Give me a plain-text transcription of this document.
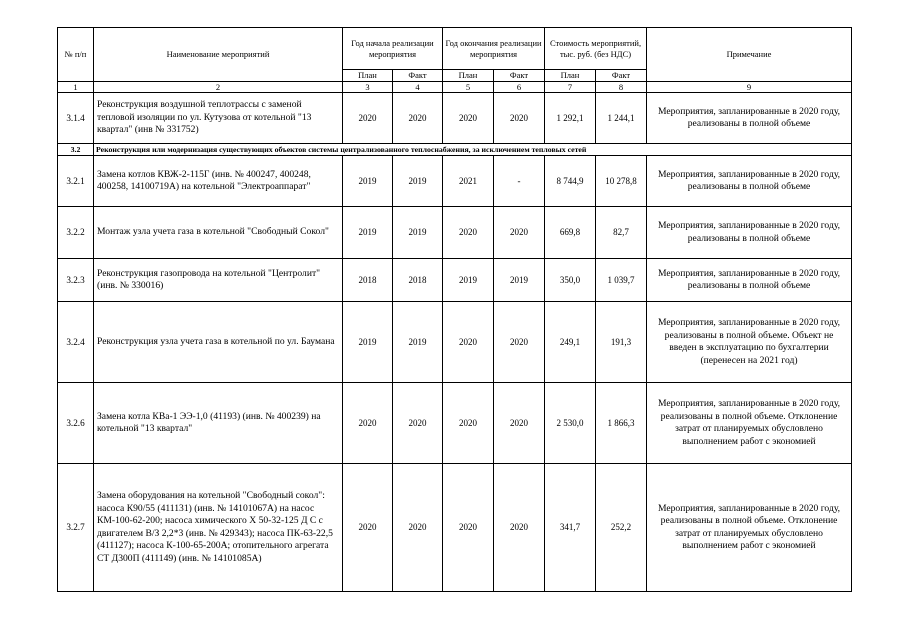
№ п/п	Наименование мероприятий	Год начала реализации мероприятия		Год окончания реализации мероприятия		Стоимость мероприятий, тыс. руб. (без НДС)		Примечание
		План	Факт	План	Факт	План	Факт	
1	2	3	4	5	6	7	8	9
3.1.4	Реконструкция воздушной теплотрассы с заменой тепловой изоляции по ул. Кутузова от котельной "13 квартал" (инв № 331752)	2020	2020	2020	2020	1 292,1	1 244,1	Мероприятия, запланированные в 2020 году, реализованы в полной объеме
3.2	Реконструкция или модернизация существующих объектов системы централизованного теплоснабжения, за исключением тепловых сетей							
3.2.1	Замена котлов КВЖ-2-115Г (инв. № 400247, 400248, 400258, 14100719А) на котельной "Электроаппарат"	2019	2019	2021	-	8 744,9	10 278,8	Мероприятия, запланированные в 2020 году, реализованы в полной объеме
3.2.2	Монтаж узла учета газа в котельной "Свободный Сокол"	2019	2019	2020	2020	669,8	82,7	Мероприятия, запланированные в 2020 году, реализованы в полной объеме
3.2.3	Реконструкция газопровода на котельной "Центролит" (инв. № 330016)	2018	2018	2019	2019	350,0	1 039,7	Мероприятия, запланированные в 2020 году, реализованы в полной объеме
3.2.4	Реконструкция узла учета газа в котельной по ул. Баумана	2019	2019	2020	2020	249,1	191,3	Мероприятия, запланированные в 2020 году, реализованы в полной объеме. Объект не введен в эксплуатацию по бухгалтерии (перенесен на 2021 год)
3.2.6	Замена котла КВа-1 ЭЭ-1,0 (41193) (инв. № 400239) на котельной "13 квартал"	2020	2020	2020	2020	2 530,0	1 866,3	Мероприятия, запланированные в 2020 году, реализованы в полной объеме. Отклонение затрат от планируемых обусловлено выполнением работ с экономией
3.2.7	Замена оборудования на котельной "Свободный сокол": насоса К90/55 (411131) (инв. № 14101067А) на насос КМ-100-62-200; насоса химического Х 50-32-125 Д С с двигателем В/З 2,2*3 (инв. № 429343); насоса ПК-63-22,5 (411127); насоса К-100-65-200А; отопительного агрегата СТ Д300П (411149) (инв. № 14101085А)	2020	2020	2020	2020	341,7	252,2	Мероприятия, запланированные в 2020 году, реализованы в полной объеме. Отклонение затрат от планируемых обусловлено выполнением работ с экономией
